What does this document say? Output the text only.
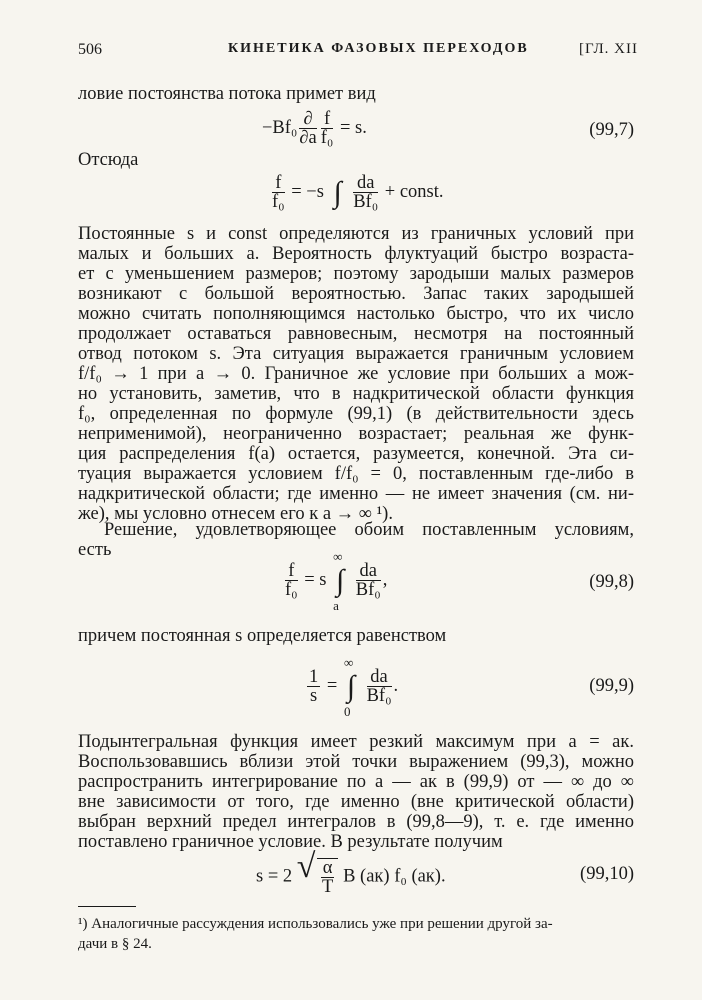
506	КИНЕТИКА ФАЗОВЫХ ПЕРЕХОДОВ	[ГЛ. XII
ловие постоянства потока примет вид
$-Bf_0 \frac{\partial}{\partial a} \frac{f}{\text{f₀}} = s$.	(99,7)
Отсюда
$\frac{f}{\text{f₀}} = -s$ ∫ $\frac{da}{\text{Bf₀}}$ + const.
Постоянные s и const определяются из граничных условий при
малых и больших a. Вероятность флуктуаций быстро возраста-
ет с уменьшением размеров; поэтому зародыши малых размеров
возникают с большой вероятностью. Запас таких зародышей
можно считать пополняющимся настолько быстро, что их число
продолжает оставаться равновесным, несмотря на постоянный
отвод потоком s. Эта ситуация выражается граничным условием
f/f₀ → 1 при a → 0. Граничное же условие при больших a мож-
но установить, заметив, что в надкритической области функция
f₀, определенная по формуле (99,1) (в действительности здесь
неприменимой), неограниченно возрастает; реальная же функ-
ция распределения f(a) остается, разумеется, конечной. Эта си-
туация выражается условием f/f₀ = 0, поставленным где-либо в
надкритической области; где именно — не имеет значения (см. ни-
же), мы условно отнесем его к a → ∞ ¹).
Решение, удовлетворяющее обоим поставленным условиям,
есть
$\frac{f}{\text{f₀}} = s$ ∫
∞
a

$\frac{da}{\text{Bf₀}}$ ,	(99,8)
причем постоянная s определяется равенством
$\frac{1}{s}$ = ∫
∞
0

$\frac{da}{\text{Bf₀}}$ .	(99,9)
Подынтегральная функция имеет резкий максимум при a = aк.
Воспользовавшись вблизи этой точки выражением (99,3), можно
распространить интегрирование по a — aк в (99,9) от — ∞ до ∞
вне зависимости от того, где именно (вне критической области)
выбран верхний предел интегралов в (99,8—9), т. е. где именно
поставлено граничное условие. В результате получим
s = 2 √ $\frac{\alpha}{T}$ B (aк) f₀ (aк).	(99,10)
¹) Аналогичные рассуждения использовались уже при решении другой за-
дачи в § 24.
